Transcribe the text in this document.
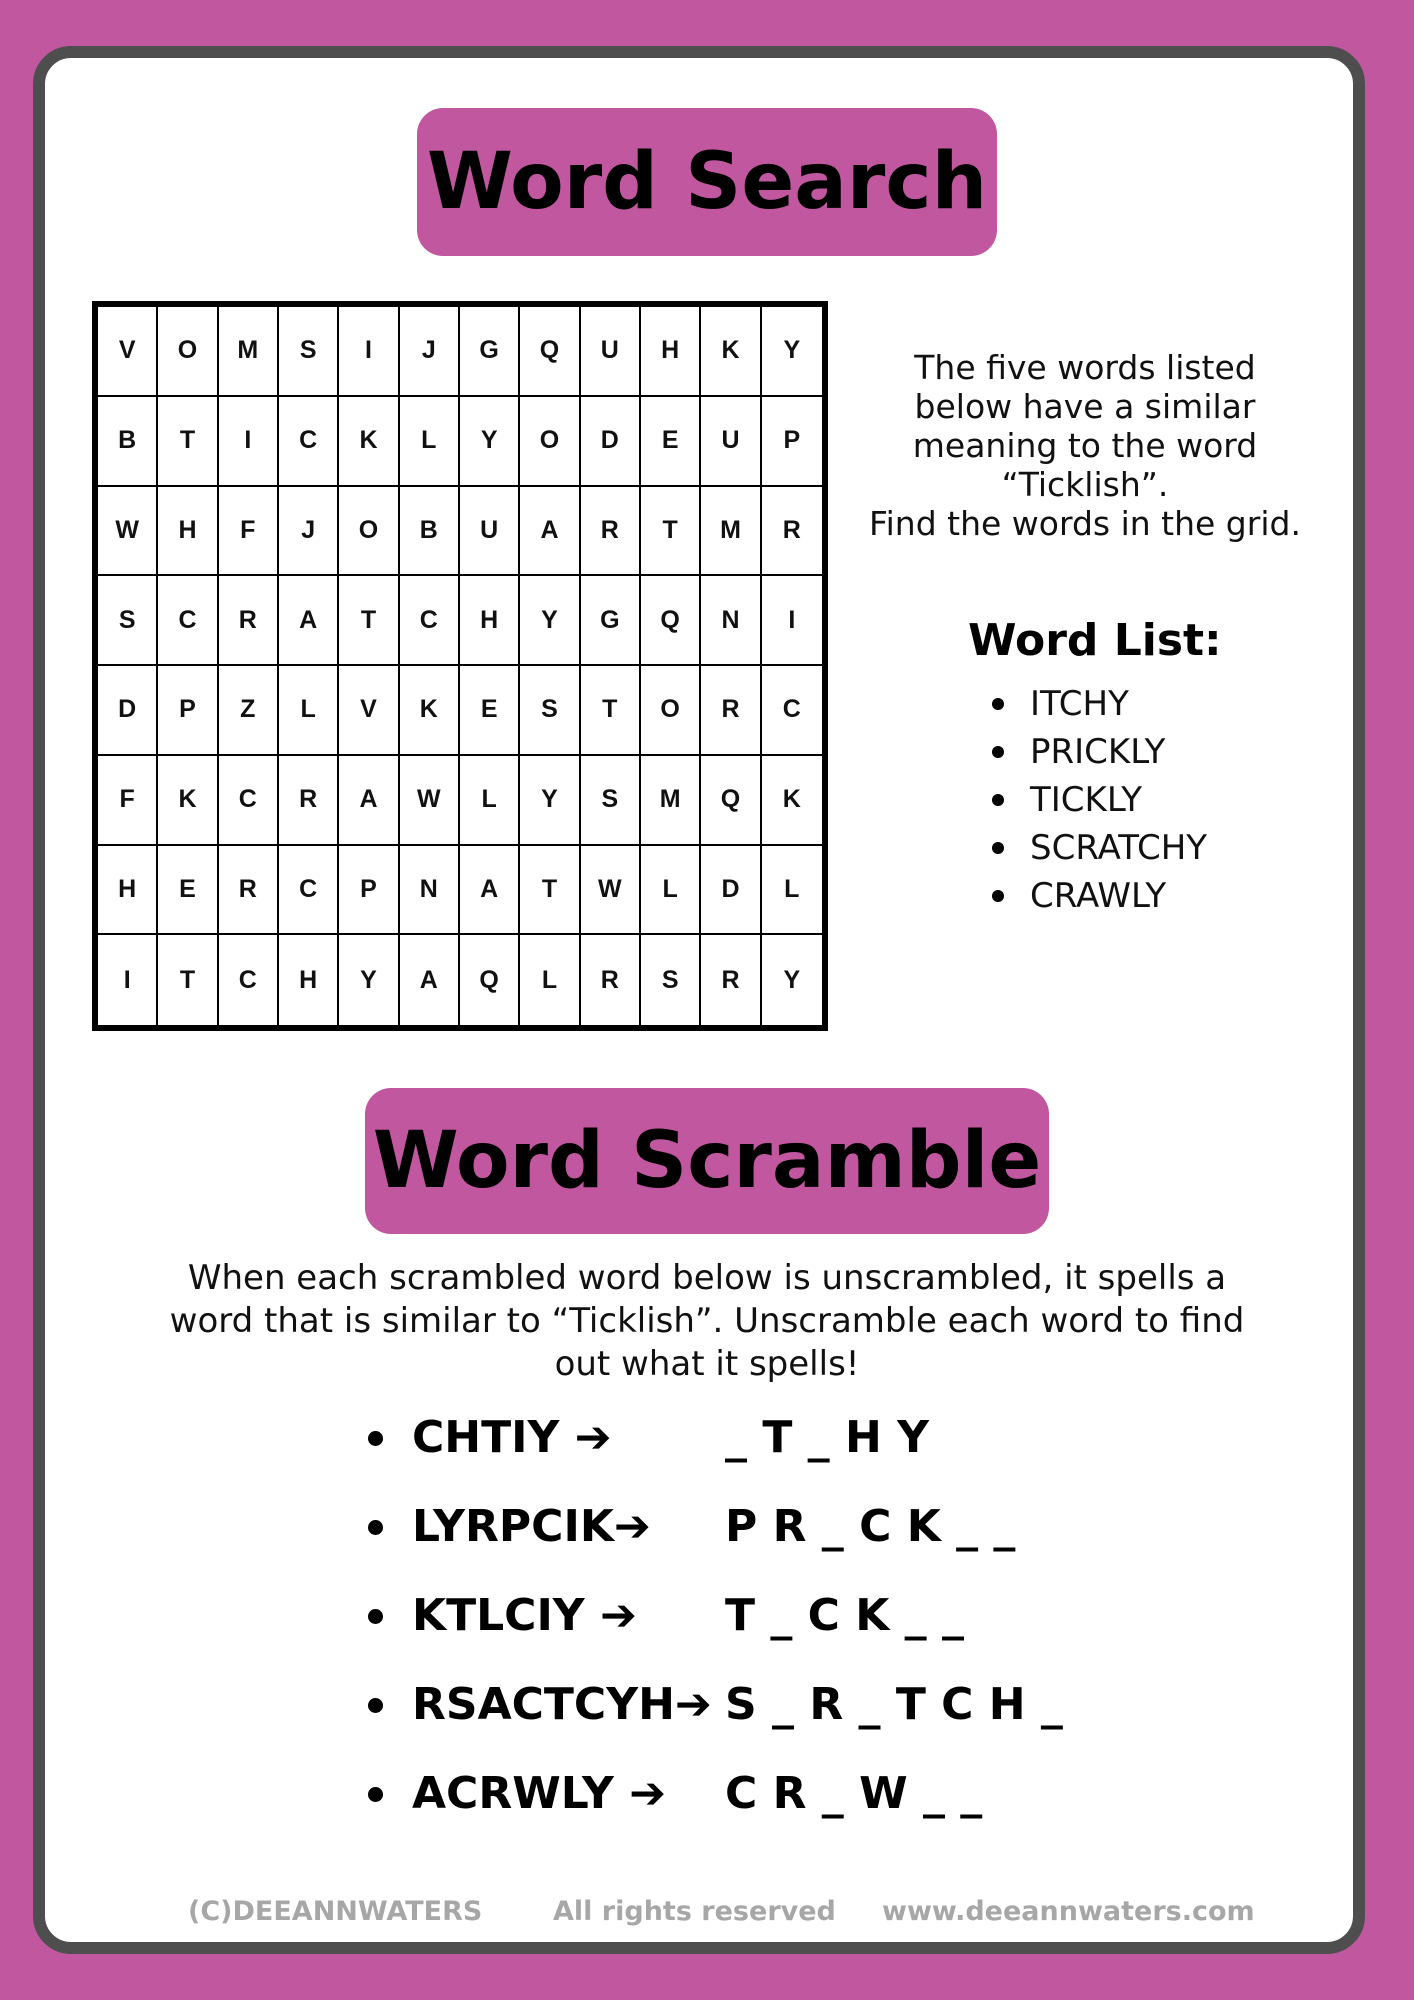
Word Search
V	O	M	S	I	J	G	Q	U	H	K	Y
B	T	I	C	K	L	Y	O	D	E	U	P
W	H	F	J	O	B	U	A	R	T	M	R
S	C	R	A	T	C	H	Y	G	Q	N	I
D	P	Z	L	V	K	E	S	T	O	R	C
F	K	C	R	A	W	L	Y	S	M	Q	K
H	E	R	C	P	N	A	T	W	L	D	L
I	T	C	H	Y	A	Q	L	R	S	R	Y
The five words listed
below have a similar
meaning to the word
“Ticklish”.
Find the words in the grid.
Word List:
ITCHY
PRICKLY
TICKLY
SCRATCHY
CRAWLY
Word Scramble
When each scrambled word below is unscrambled, it spells a
word that is similar to “Ticklish”. Unscramble each word to find
out what it spells!
CHTIY ➔	_ T _ H Y
LYRPCIK➔ P R _ C K _ _
KTLCIY ➔ T _ C K _ _
RSACTCYH➔ S _ R _ T C H _
ACRWLY ➔ C R _ W _ _
(C)DEEANNWATERS	All rights reserved www.deeannwaters.com
